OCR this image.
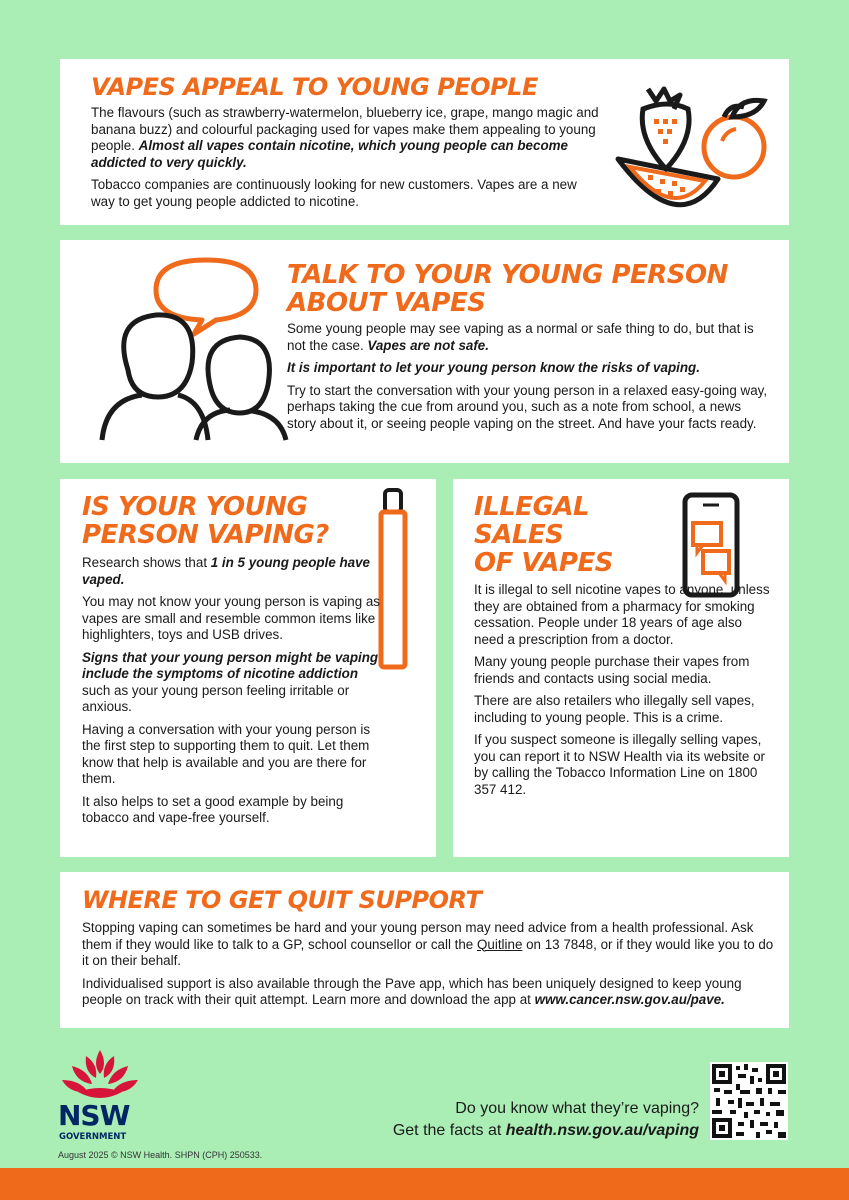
VAPES APPEAL TO YOUNG PEOPLE

The flavours (such as strawberry-watermelon, blueberry ice, grape, mango magic and banana buzz) and colourful packaging used for vapes make them appealing to young people. Almost all vapes contain nicotine, which young people can become addicted to very quickly.

Tobacco companies are continuously looking for new customers. Vapes are a new way to get young people addicted to nicotine.

TALK TO YOUR YOUNG PERSON
ABOUT VAPES

Some young people may see vaping as a normal or safe thing to do, but that is not the case. Vapes are not safe.

It is important to let your young person know the risks of vaping.

Try to start the conversation with your young person in a relaxed easy-going way, perhaps taking the cue from around you, such as a note from school, a news story about it, or seeing people vaping on the street. And have your facts ready.

IS YOUR YOUNG
PERSON VAPING?

Research shows that 1 in 5 young people have vaped.

You may not know your young person is vaping as vapes are small and resemble common items like highlighters, toys and USB drives.

Signs that your young person might be vaping include the symptoms of nicotine addiction such as your young person feeling irritable or anxious.

Having a conversation with your young person is the first step to supporting them to quit. Let them know that help is available and you are there for them.

It also helps to set a good example by being tobacco and vape-free yourself.

ILLEGAL
SALES
OF VAPES

It is illegal to sell nicotine vapes to anyone, unless they are obtained from a pharmacy for smoking cessation. People under 18 years of age also need a prescription from a doctor.

Many young people purchase their vapes from friends and contacts using social media.

There are also retailers who illegally sell vapes, including to young people. This is a crime.

If you suspect someone is illegally selling vapes, you can report it to NSW Health via its website or by calling the Tobacco Information Line on 1800 357 412.

WHERE TO GET QUIT SUPPORT

Stopping vaping can sometimes be hard and your young person may need advice from a health professional. Ask them if they would like to talk to a GP, school counsellor or call the Quitline on 13 7848, or if they would like you to do it on their behalf.

Individualised support is also available through the Pave app, which has been uniquely designed to keep young people on track with their quit attempt. Learn more and download the app at www.cancer.nsw.gov.au/pave.

NSW
GOVERNMENT
August 2025 © NSW Health. SHPN (CPH) 250533.
Do you know what they’re vaping?
Get the facts at health.nsw.gov.au/vaping
